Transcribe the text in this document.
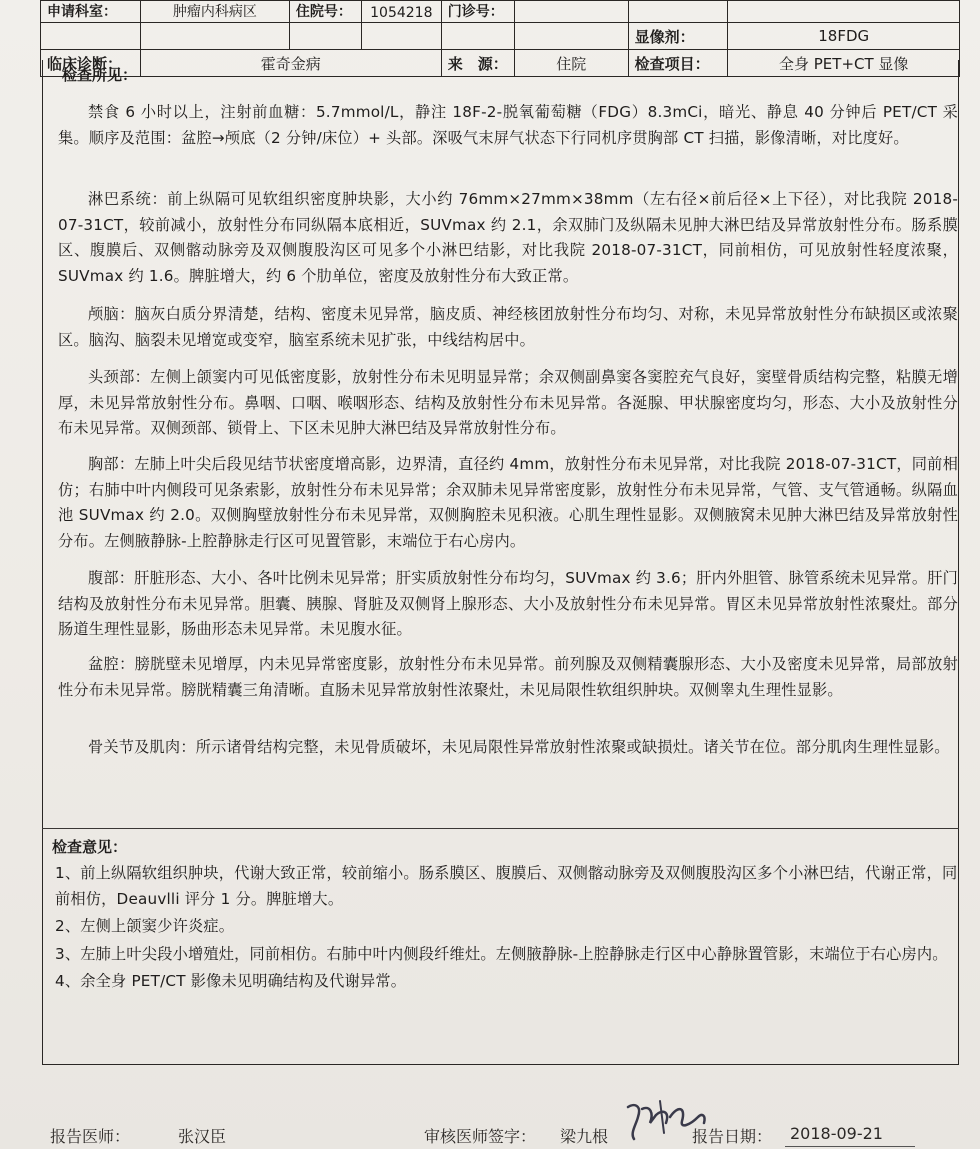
申请科室：	肿瘤内科病区	住院号：	1054218	门诊号：			
						显像剂：	18FDG
临床诊断：	霍奇金病			来　源：	住院	检查项目：	全身 PET+CT 显像
检查所见：
禁食 6 小时以上，注射前血糖：5.7mmol/L，静注 18F-2-脱氧葡萄糖（FDG）8.3mCi，暗光、静息 40 分钟后 PET/CT 采集。顺序及范围：盆腔→颅底（2 分钟/床位）+ 头部。深吸气末屏气状态下行同机序贯胸部 CT 扫描，影像清晰，对比度好。
淋巴系统：前上纵隔可见软组织密度肿块影，大小约 76mm×27mm×38mm（左右径×前后径×上下径），对比我院 2018-07-31CT，较前减小，放射性分布同纵隔本底相近，SUVmax 约 2.1，余双肺门及纵隔未见肿大淋巴结及异常放射性分布。肠系膜区、腹膜后、双侧髂动脉旁及双侧腹股沟区可见多个小淋巴结影，对比我院 2018-07-31CT，同前相仿，可见放射性轻度浓聚，SUVmax 约 1.6。脾脏增大，约 6 个肋单位，密度及放射性分布大致正常。
颅脑：脑灰白质分界清楚，结构、密度未见异常，脑皮质、神经核团放射性分布均匀、对称，未见异常放射性分布缺损区或浓聚区。脑沟、脑裂未见增宽或变窄，脑室系统未见扩张，中线结构居中。
头颈部：左侧上颌窦内可见低密度影，放射性分布未见明显异常；余双侧副鼻窦各窦腔充气良好，窦壁骨质结构完整，粘膜无增厚，未见异常放射性分布。鼻咽、口咽、喉咽形态、结构及放射性分布未见异常。各涎腺、甲状腺密度均匀，形态、大小及放射性分布未见异常。双侧颈部、锁骨上、下区未见肿大淋巴结及异常放射性分布。
胸部：左肺上叶尖后段见结节状密度增高影，边界清，直径约 4mm，放射性分布未见异常，对比我院 2018-07-31CT，同前相仿；右肺中叶内侧段可见条索影，放射性分布未见异常；余双肺未见异常密度影，放射性分布未见异常，气管、支气管通畅。纵隔血池 SUVmax 约 2.0。双侧胸壁放射性分布未见异常，双侧胸腔未见积液。心肌生理性显影。双侧腋窝未见肿大淋巴结及异常放射性分布。左侧腋静脉-上腔静脉走行区可见置管影，末端位于右心房内。
腹部：肝脏形态、大小、各叶比例未见异常；肝实质放射性分布均匀，SUVmax 约 3.6；肝内外胆管、脉管系统未见异常。肝门结构及放射性分布未见异常。胆囊、胰腺、肾脏及双侧肾上腺形态、大小及放射性分布未见异常。胃区未见异常放射性浓聚灶。部分肠道生理性显影，肠曲形态未见异常。未见腹水征。
盆腔：膀胱壁未见增厚，内未见异常密度影，放射性分布未见异常。前列腺及双侧精囊腺形态、大小及密度未见异常，局部放射性分布未见异常。膀胱精囊三角清晰。直肠未见异常放射性浓聚灶，未见局限性软组织肿块。双侧睾丸生理性显影。
骨关节及肌肉：所示诸骨结构完整，未见骨质破坏，未见局限性异常放射性浓聚或缺损灶。诸关节在位。部分肌肉生理性显影。
检查意见：
1、前上纵隔软组织肿块，代谢大致正常，较前缩小。肠系膜区、腹膜后、双侧髂动脉旁及双侧腹股沟区多个小淋巴结，代谢正常，同前相仿，Deauvlli 评分 1 分。脾脏增大。
2、左侧上颌窦少许炎症。
3、左肺上叶尖段小增殖灶，同前相仿。右肺中叶内侧段纤维灶。左侧腋静脉-上腔静脉走行区中心静脉置管影，末端位于右心房内。
4、余全身 PET/CT 影像未见明确结构及代谢异常。
报告医师：	张汉臣	审核医师签字： 梁九根	报告日期： 2018-09-21
